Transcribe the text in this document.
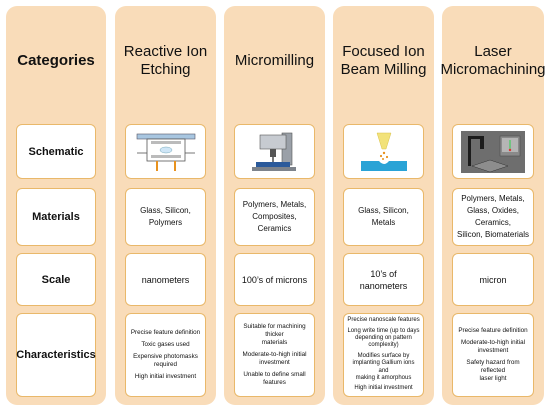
Categories
Schematic
Materials
Scale
Characteristics
Reactive Ion
Etching
Glass, Silicon,
Polymers
nanometers
Precise feature definition
Toxic gases used
Expensive photomasks
required
High initial investment
Micromilling
Polymers, Metals,
Composites,
Ceramics
100’s of microns
Suitable for machining thicker
materials
Moderate-to-high initial
investment
Unable to define small
features
Focused Ion
Beam Milling
Glass, Silicon,
Metals
10’s of nanometers
Precise nanoscale features
Long write time (up to days
depending on pattern
complexity)
Modifies surface by
implanting Gallium ions and
making it amorphous
High initial investment
Laser
Micromachining
Polymers, Metals,
Glass, Oxides, Ceramics,
Silicon, Biomaterials
micron
Precise feature definition
Moderate-to-high initial
investment
Safety hazard from reflected
laser light
